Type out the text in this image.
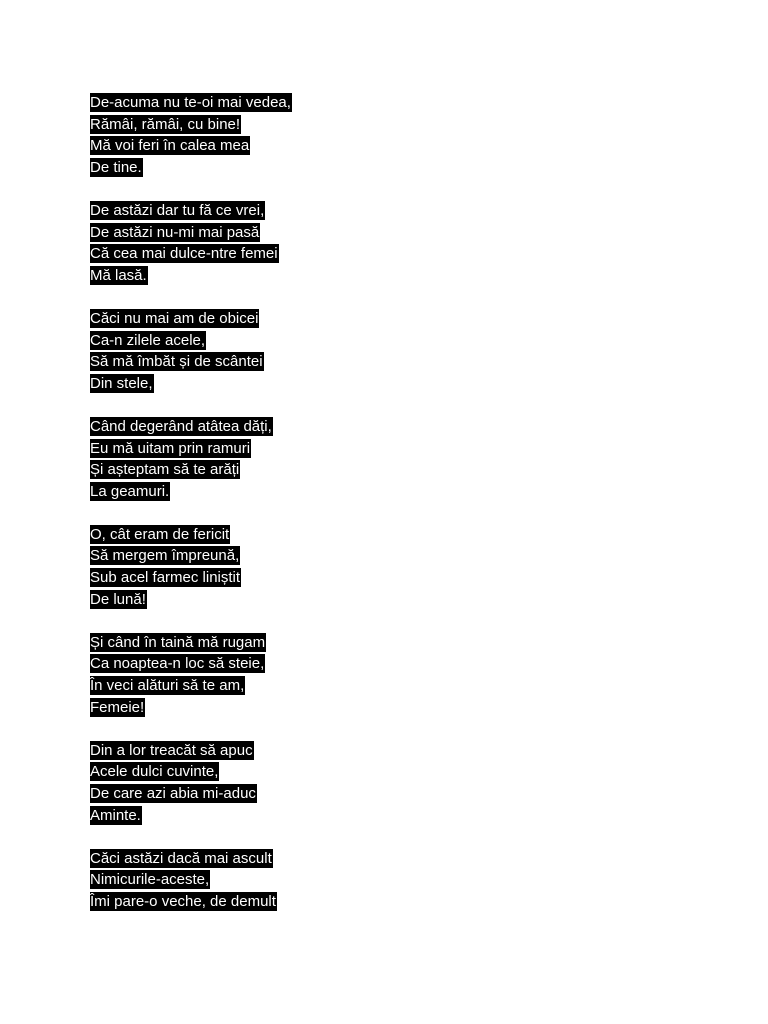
De-acuma nu te-oi mai vedea,
Rămâi, rămâi, cu bine!
Mă voi feri în calea mea
De tine.
De astăzi dar tu fă ce vrei,
De astăzi nu-mi mai pasă
Că cea mai dulce-ntre femei
Mă lasă.
Căci nu mai am de obicei
Ca-n zilele acele,
Să mă îmbăt și de scântei
Din stele,
Când degerând atâtea dăți,
Eu mă uitam prin ramuri
Și așteptam să te arăți
La geamuri.
O, cât eram de fericit
Să mergem împreună,
Sub acel farmec liniștit
De lună!
Și când în taină mă rugam
Ca noaptea-n loc să steie,
În veci alături să te am,
Femeie!
Din a lor treacăt să apuc
Acele dulci cuvinte,
De care azi abia mi-aduc
Aminte.
Căci astăzi dacă mai ascult
Nimicurile-aceste,
Îmi pare-o veche, de demult
